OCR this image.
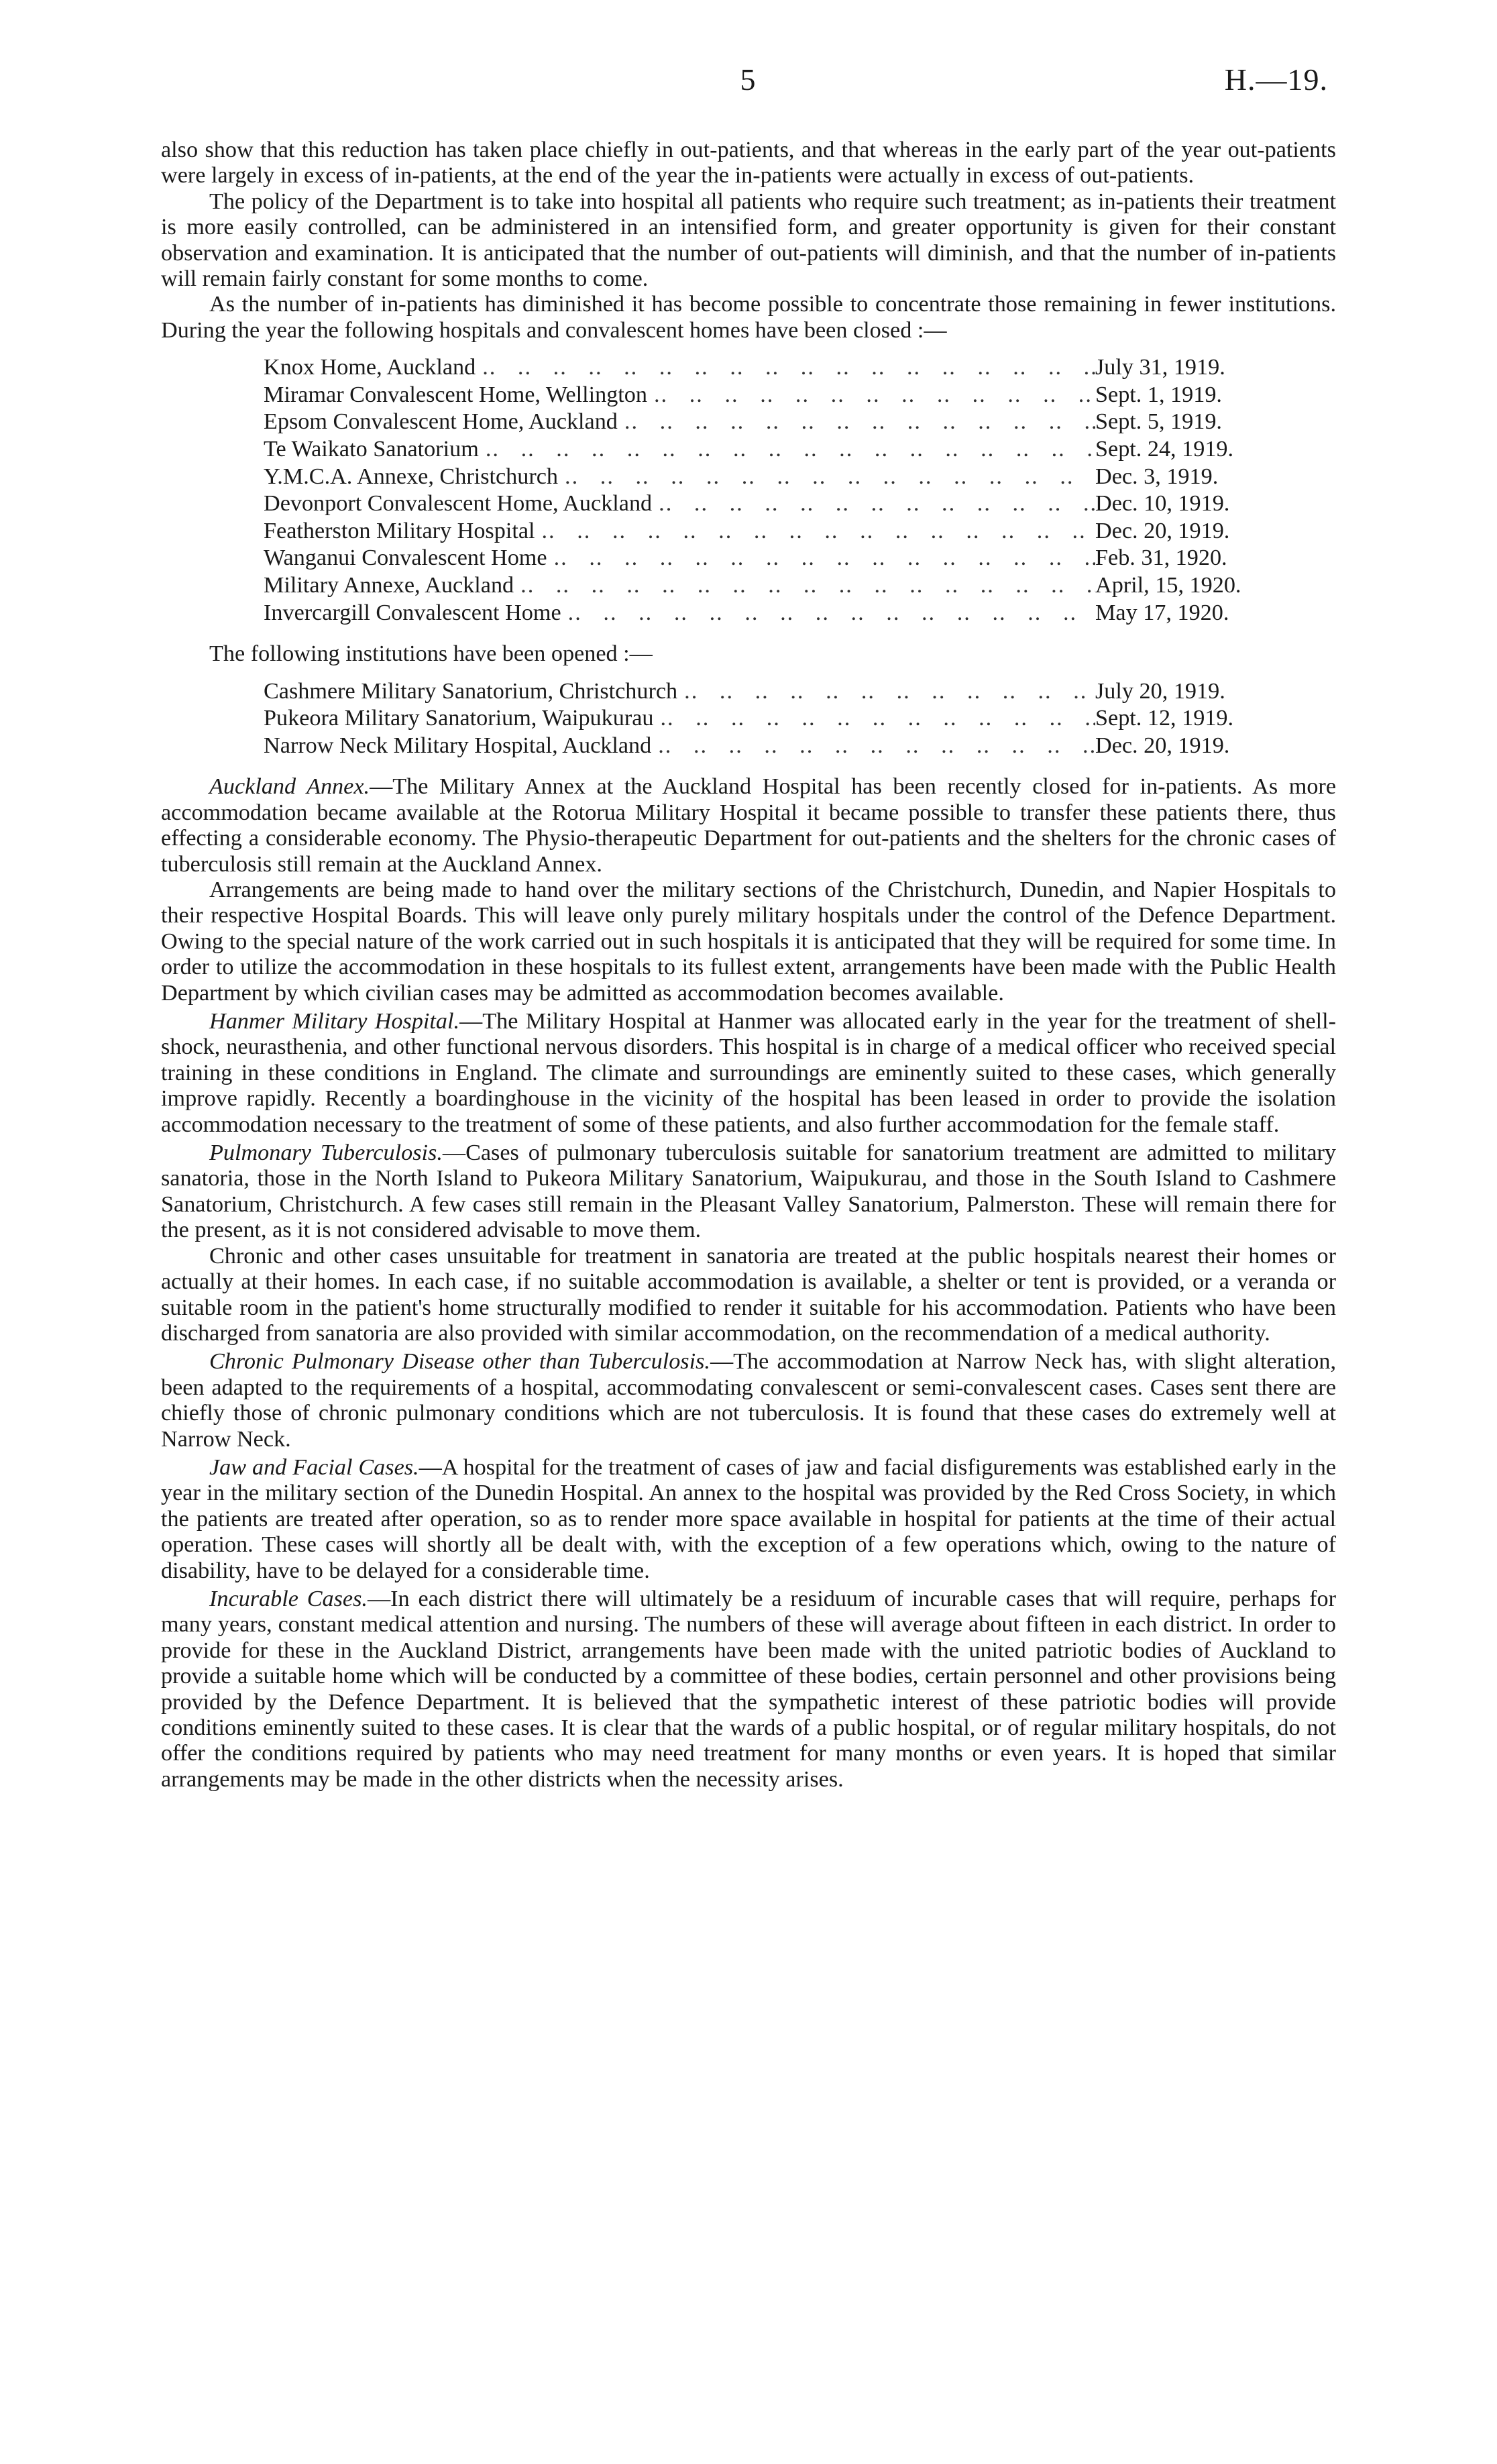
5	H.—19.

also show that this reduction has taken place chiefly in out-patients, and that whereas in the early part of the year out-patients were largely in excess of in-patients, at the end of the year the in-patients were actually in excess of out-patients.

The policy of the Department is to take into hospital all patients who require such treatment; as in-patients their treatment is more easily controlled, can be administered in an intensified form, and greater opportunity is given for their constant observation and examination. It is anticipated that the number of out-patients will diminish, and that the number of in-patients will remain fairly constant for some months to come.

As the number of in-patients has diminished it has become possible to concentrate those remaining in fewer institutions. During the year the following hospitals and convalescent homes have been closed :—

Knox Home, Auckland ..	July 31, 1919.
Miramar Convalescent Home, Wellington ..	Sept. 1, 1919.
Epsom Convalescent Home, Auckland ..	Sept. 5, 1919.
Te Waikato Sanatorium ..	Sept. 24, 1919.
Y.M.C.A. Annexe, Christchurch ..	Dec. 3, 1919.
Devonport Convalescent Home, Auckland ..	Dec. 10, 1919.
Featherston Military Hospital ..	Dec. 20, 1919.
Wanganui Convalescent Home ..	Feb. 31, 1920.
Military Annexe, Auckland ..	April, 15, 1920.
Invercargill Convalescent Home ..	May 17, 1920.

The following institutions have been opened :—

Cashmere Military Sanatorium, Christchurch ..	July 20, 1919.
Pukeora Military Sanatorium, Waipukurau ..	Sept. 12, 1919.
Narrow Neck Military Hospital, Auckland ..	Dec. 20, 1919.

Auckland Annex.—The Military Annex at the Auckland Hospital has been recently closed for in-patients. As more accommodation became available at the Rotorua Military Hospital it became possible to transfer these patients there, thus effecting a considerable economy. The Physio-therapeutic Department for out-patients and the shelters for the chronic cases of tuberculosis still remain at the Auckland Annex.

Arrangements are being made to hand over the military sections of the Christchurch, Dunedin, and Napier Hospitals to their respective Hospital Boards. This will leave only purely military hospitals under the control of the Defence Department. Owing to the special nature of the work carried out in such hospitals it is anticipated that they will be required for some time. In order to utilize the accommodation in these hospitals to its fullest extent, arrangements have been made with the Public Health Department by which civilian cases may be admitted as accommodation becomes available.

Hanmer Military Hospital.—The Military Hospital at Hanmer was allocated early in the year for the treatment of shell-shock, neurasthenia, and other functional nervous disorders. This hospital is in charge of a medical officer who received special training in these conditions in England. The climate and surroundings are eminently suited to these cases, which generally improve rapidly. Recently a boardinghouse in the vicinity of the hospital has been leased in order to provide the isolation accommodation necessary to the treatment of some of these patients, and also further accommodation for the female staff.

Pulmonary Tuberculosis.—Cases of pulmonary tuberculosis suitable for sanatorium treatment are admitted to military sanatoria, those in the North Island to Pukeora Military Sanatorium, Waipukurau, and those in the South Island to Cashmere Sanatorium, Christchurch. A few cases still remain in the Pleasant Valley Sanatorium, Palmerston. These will remain there for the present, as it is not considered advisable to move them.

Chronic and other cases unsuitable for treatment in sanatoria are treated at the public hospitals nearest their homes or actually at their homes. In each case, if no suitable accommodation is available, a shelter or tent is provided, or a veranda or suitable room in the patient's home structurally modified to render it suitable for his accommodation. Patients who have been discharged from sanatoria are also provided with similar accommodation, on the recommendation of a medical authority.

Chronic Pulmonary Disease other than Tuberculosis.—The accommodation at Narrow Neck has, with slight alteration, been adapted to the requirements of a hospital, accommodating convalescent or semi-convalescent cases. Cases sent there are chiefly those of chronic pulmonary conditions which are not tuberculosis. It is found that these cases do extremely well at Narrow Neck.

Jaw and Facial Cases.—A hospital for the treatment of cases of jaw and facial disfigurements was established early in the year in the military section of the Dunedin Hospital. An annex to the hospital was provided by the Red Cross Society, in which the patients are treated after operation, so as to render more space available in hospital for patients at the time of their actual operation. These cases will shortly all be dealt with, with the exception of a few operations which, owing to the nature of disability, have to be delayed for a considerable time.

Incurable Cases.—In each district there will ultimately be a residuum of incurable cases that will require, perhaps for many years, constant medical attention and nursing. The numbers of these will average about fifteen in each district. In order to provide for these in the Auckland District, arrangements have been made with the united patriotic bodies of Auckland to provide a suitable home which will be conducted by a committee of these bodies, certain personnel and other provisions being provided by the Defence Department. It is believed that the sympathetic interest of these patriotic bodies will provide conditions eminently suited to these cases. It is clear that the wards of a public hospital, or of regular military hospitals, do not offer the conditions required by patients who may need treatment for many months or even years. It is hoped that similar arrangements may be made in the other districts when the necessity arises.
